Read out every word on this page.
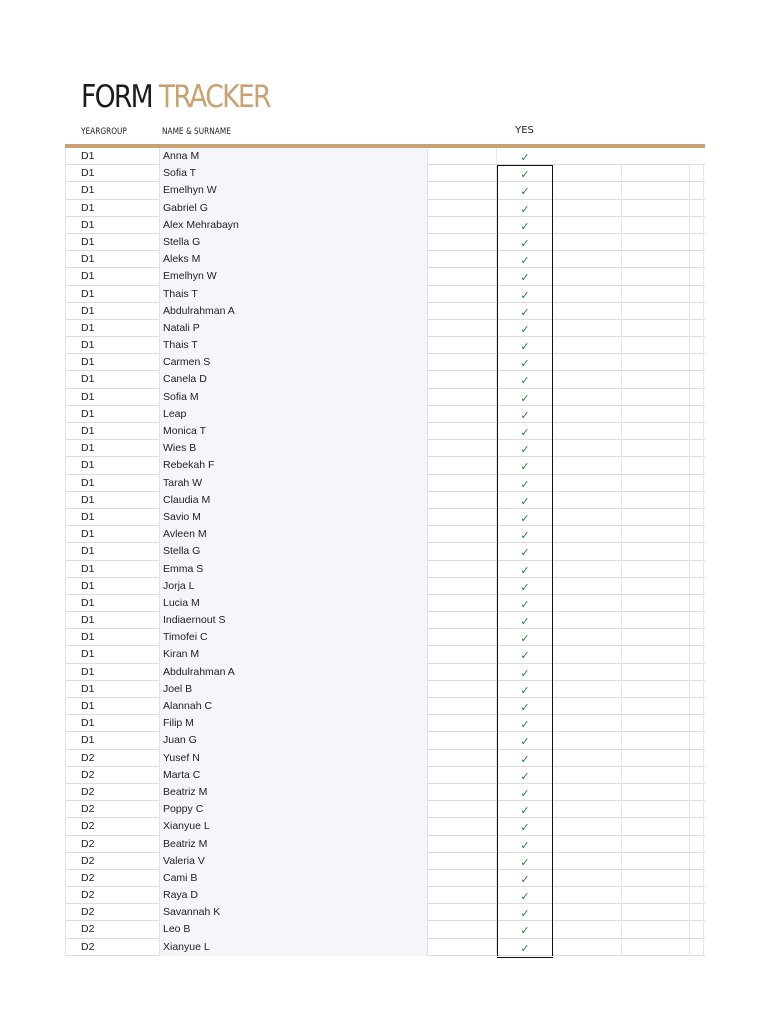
FORM TRACKER
YEARGROUP	NAME & SURNAME	YES
D1	Anna M	✓
D1	Sofia T	✓
D1	Emelhyn W	✓
D1	Gabriel G	✓
D1	Alex Mehrabayn	✓
D1	Stella G	✓
D1	Aleks M	✓
D1	Emelhyn W	✓
D1	Thais T	✓
D1	Abdulrahman A	✓
D1	Natali P	✓
D1	Thais T	✓
D1	Carmen S	✓
D1	Canela D	✓
D1	Sofia M	✓
D1	Leap	✓
D1	Monica T	✓
D1	Wies B	✓
D1	Rebekah F	✓
D1	Tarah W	✓
D1	Claudia M	✓
D1	Savio M	✓
D1	Avleen M	✓
D1	Stella G	✓
D1	Emma S	✓
D1	Jorja L	✓
D1	Lucia M	✓
D1	Indiaernout S	✓
D1	Timofei C	✓
D1	Kiran M	✓
D1	Abdulrahman A	✓
D1	Joel B	✓
D1	Alannah C	✓
D1	Filip M	✓
D1	Juan G	✓
D2	Yusef N	✓
D2	Marta C	✓
D2	Beatriz M	✓
D2	Poppy C	✓
D2	Xianyue L	✓
D2	Beatriz M	✓
D2	Valeria V	✓
D2	Cami B	✓
D2	Raya D	✓
D2	Savannah K	✓
D2	Leo B	✓
D2	Xianyue L	✓
